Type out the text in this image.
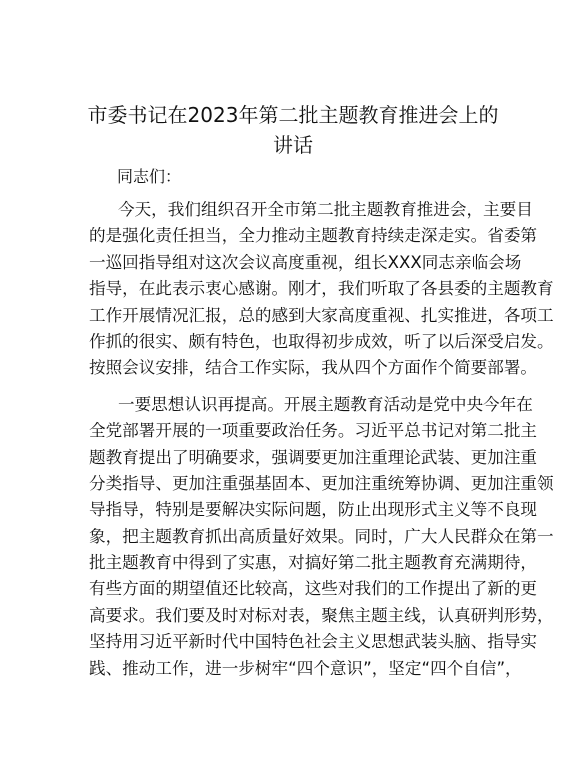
市委书记在2023年第二批主题教育推进会上的
讲话

同志们：

今天，我们组织召开全市第二批主题教育推进会，主要目
的是强化责任担当，全力推动主题教育持续走深走实。省委第
一巡回指导组对这次会议高度重视，组长XXX同志亲临会场
指导，在此表示衷心感谢。刚才，我们听取了各县委的主题教育
工作开展情况汇报，总的感到大家高度重视、扎实推进，各项工
作抓的很实、颇有特色，也取得初步成效，听了以后深受启发。
按照会议安排，结合工作实际，我从四个方面作个简要部署。
一要思想认识再提高。开展主题教育活动是党中央今年在
全党部署开展的一项重要政治任务。习近平总书记对第二批主
题教育提出了明确要求，强调要更加注重理论武装、更加注重
分类指导、更加注重强基固本、更加注重统筹协调、更加注重领
导指导，特别是要解决实际问题，防止出现形式主义等不良现
象，把主题教育抓出高质量好效果。同时，广大人民群众在第一
批主题教育中得到了实惠，对搞好第二批主题教育充满期待，
有些方面的期望值还比较高，这些对我们的工作提出了新的更
高要求。我们要及时对标对表，聚焦主题主线，认真研判形势，
坚持用习近平新时代中国特色社会主义思想武装头脑、指导实
践、推动工作，进一步树牢“四个意识”，坚定“四个自信”，
